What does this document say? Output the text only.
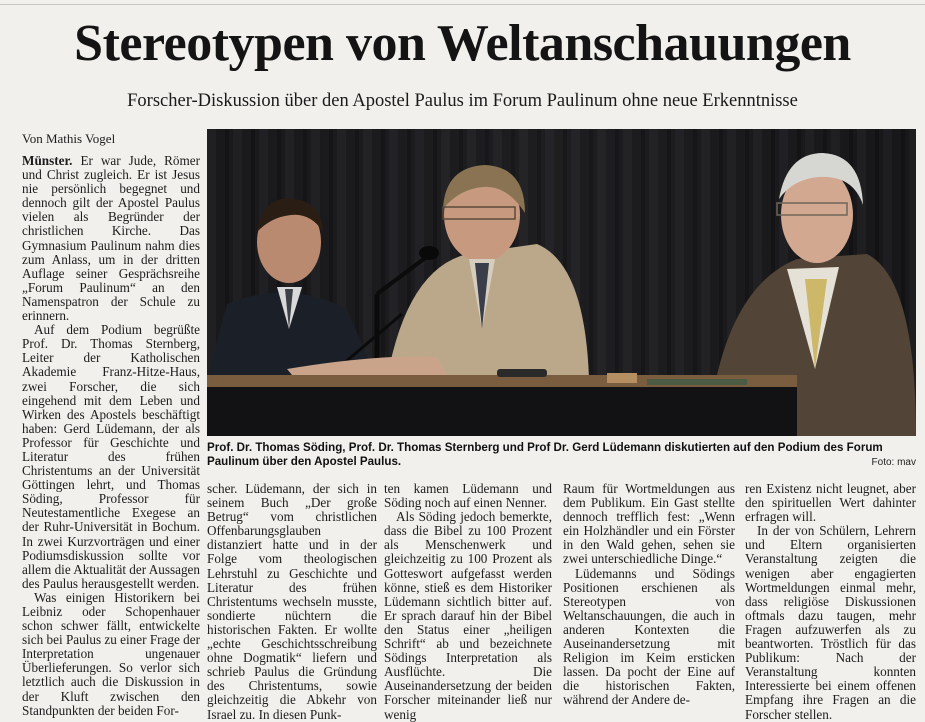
Stereotypen von Weltanschauungen
Forscher-Diskussion über den Apostel Paulus im Forum Paulinum ohne neue Erkenntnisse
Von Mathis Vogel

Münster. Er war Jude, Römer und Christ zugleich. Er ist Jesus nie persönlich begegnet und dennoch gilt der Apostel Paulus vielen als Begründer der christlichen Kirche. Das Gymnasium Paulinum nahm dies zum Anlass, um in der dritten Auflage seiner Gesprächsreihe „Forum Paulinum“ an den Namenspatron der Schule zu erinnern.

Auf dem Podium begrüßte Prof. Dr. Thomas Sternberg, Leiter der Katholischen Akademie Franz-Hitze-Haus, zwei Forscher, die sich eingehend mit dem Leben und Wirken des Apostels beschäftigt haben: Gerd Lüdemann, der als Professor für Geschichte und Literatur des frühen Christentums an der Universität Göttingen lehrt, und Thomas Söding, Professor für Neutestamentliche Exegese an der Ruhr-Universität in Bochum. In zwei Kurzvorträgen und einer Podiumsdiskussion sollte vor allem die Aktualität der Aussagen des Paulus herausgestellt werden.

Was einigen Historikern bei Leibniz oder Schopenhauer schon schwer fällt, entwickelte sich bei Paulus zu einer Frage der Interpretation ungenauer Überlieferungen. So verlor sich letztlich auch die Diskussion in der Kluft zwischen den Standpunkten der beiden For-

Prof. Dr. Thomas Söding, Prof. Dr. Thomas Sternberg und Prof Dr. Gerd Lüdemann diskutierten auf den Podium des Forum Paulinum über den Apostel Paulus.	Foto: mav

scher. Lüdemann, der sich in seinem Buch „Der große Betrug“ vom christlichen Offenbarungsglauben distanziert hatte und in der Folge vom theologischen Lehrstuhl zu Geschichte und Literatur des frühen Christentums wechseln musste, sondierte nüchtern die historischen Fakten. Er wollte „echte Geschichtsschreibung ohne Dogmatik“ liefern und schrieb Paulus die Gründung des Christentums, sowie gleichzeitig die Abkehr von Israel zu. In diesen Punk-

ten kamen Lüdemann und Söding noch auf einen Nenner.

Als Söding jedoch bemerkte, dass die Bibel zu 100 Prozent als Menschenwerk und gleichzeitig zu 100 Prozent als Gotteswort aufgefasst werden könne, stieß es dem Historiker Lüdemann sichtlich bitter auf. Er sprach darauf hin der Bibel den Status einer „heiligen Schrift“ ab und bezeichnete Södings Interpretation als Ausflüchte. Die Auseinandersetzung der beiden Forscher miteinander ließ nur wenig

Raum für Wortmeldungen aus dem Publikum. Ein Gast stellte dennoch trefflich fest: „Wenn ein Holzhändler und ein Förster in den Wald gehen, sehen sie zwei unterschiedliche Dinge.“

Lüdemanns und Södings Positionen erschienen als Stereotypen von Weltanschauungen, die auch in anderen Kontexten die Auseinandersetzung mit Religion im Keim ersticken lassen. Da pocht der Eine auf die historischen Fakten, während der Andere de-

ren Existenz nicht leugnet, aber den spirituellen Wert dahinter erfragen will.

In der von Schülern, Lehrern und Eltern organisierten Veranstaltung zeigten die wenigen aber engagierten Wortmeldungen einmal mehr, dass religiöse Diskussionen oftmals dazu taugen, mehr Fragen aufzuwerfen als zu beantworten. Tröstlich für das Publikum: Nach der Veranstaltung konnten Interessierte bei einem offenen Empfang ihre Fragen an die Forscher stellen.
